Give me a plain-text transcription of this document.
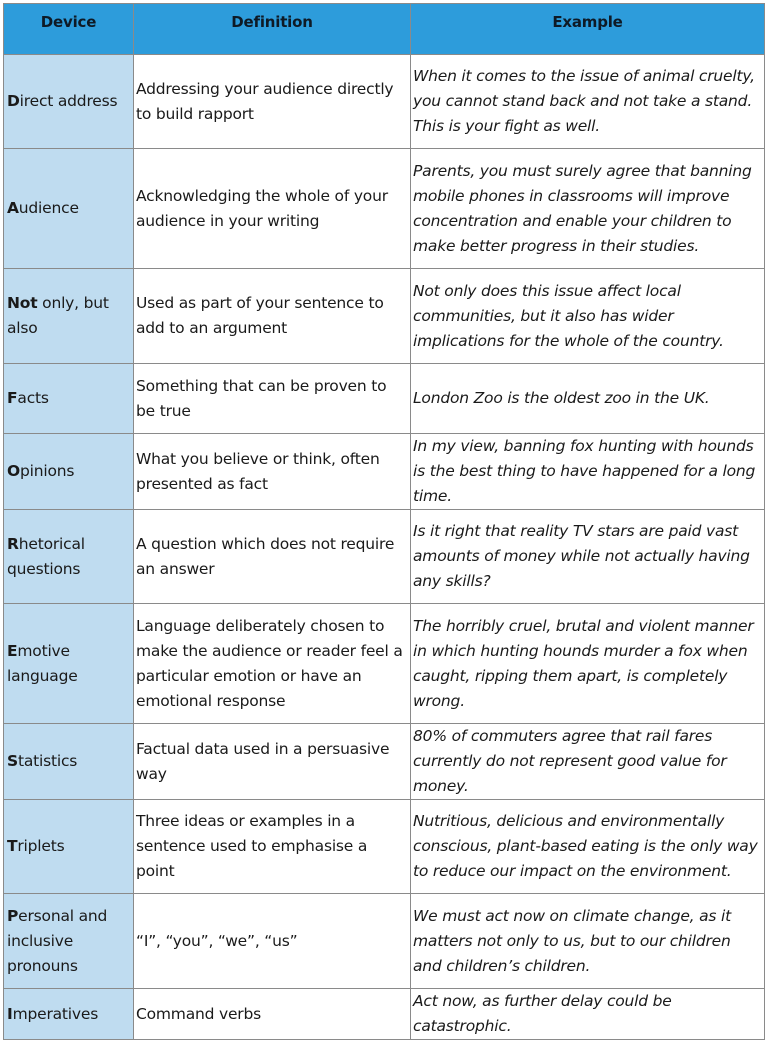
Device	Definition	Example
Direct address	Addressing your audience directly to build rapport	When it comes to the issue of animal cruelty, you cannot stand back and not take a stand. This is your fight as well.
Audience	Acknowledging the whole of your audience in your writing	Parents, you must surely agree that banning mobile phones in classrooms will improve concentration and enable your children to make better progress in their studies.
Not only, but also	Used as part of your sentence to add to an argument	Not only does this issue affect local communities, but it also has wider implications for the whole of the country.
Facts	Something that can be proven to be true	London Zoo is the oldest zoo in the UK.
Opinions	What you believe or think, often presented as fact	In my view, banning fox hunting with hounds is the best thing to have happened for a long time.
Rhetorical questions	A question which does not require an answer	Is it right that reality TV stars are paid vast amounts of money while not actually having any skills?
Emotive language	Language deliberately chosen to make the audience or reader feel a particular emotion or have an emotional response	The horribly cruel, brutal and violent manner in which hunting hounds murder a fox when caught, ripping them apart, is completely wrong.
Statistics	Factual data used in a persuasive way	80% of commuters agree that rail fares currently do not represent good value for money.
Triplets	Three ideas or examples in a sentence used to emphasise a point	Nutritious, delicious and environmentally conscious, plant-based eating is the only way to reduce our impact on the environment.
Personal and inclusive pronouns	“I”, “you”, “we”, “us”	We must act now on climate change, as it matters not only to us, but to our children and children’s children.
Imperatives	Command verbs	Act now, as further delay could be catastrophic.
